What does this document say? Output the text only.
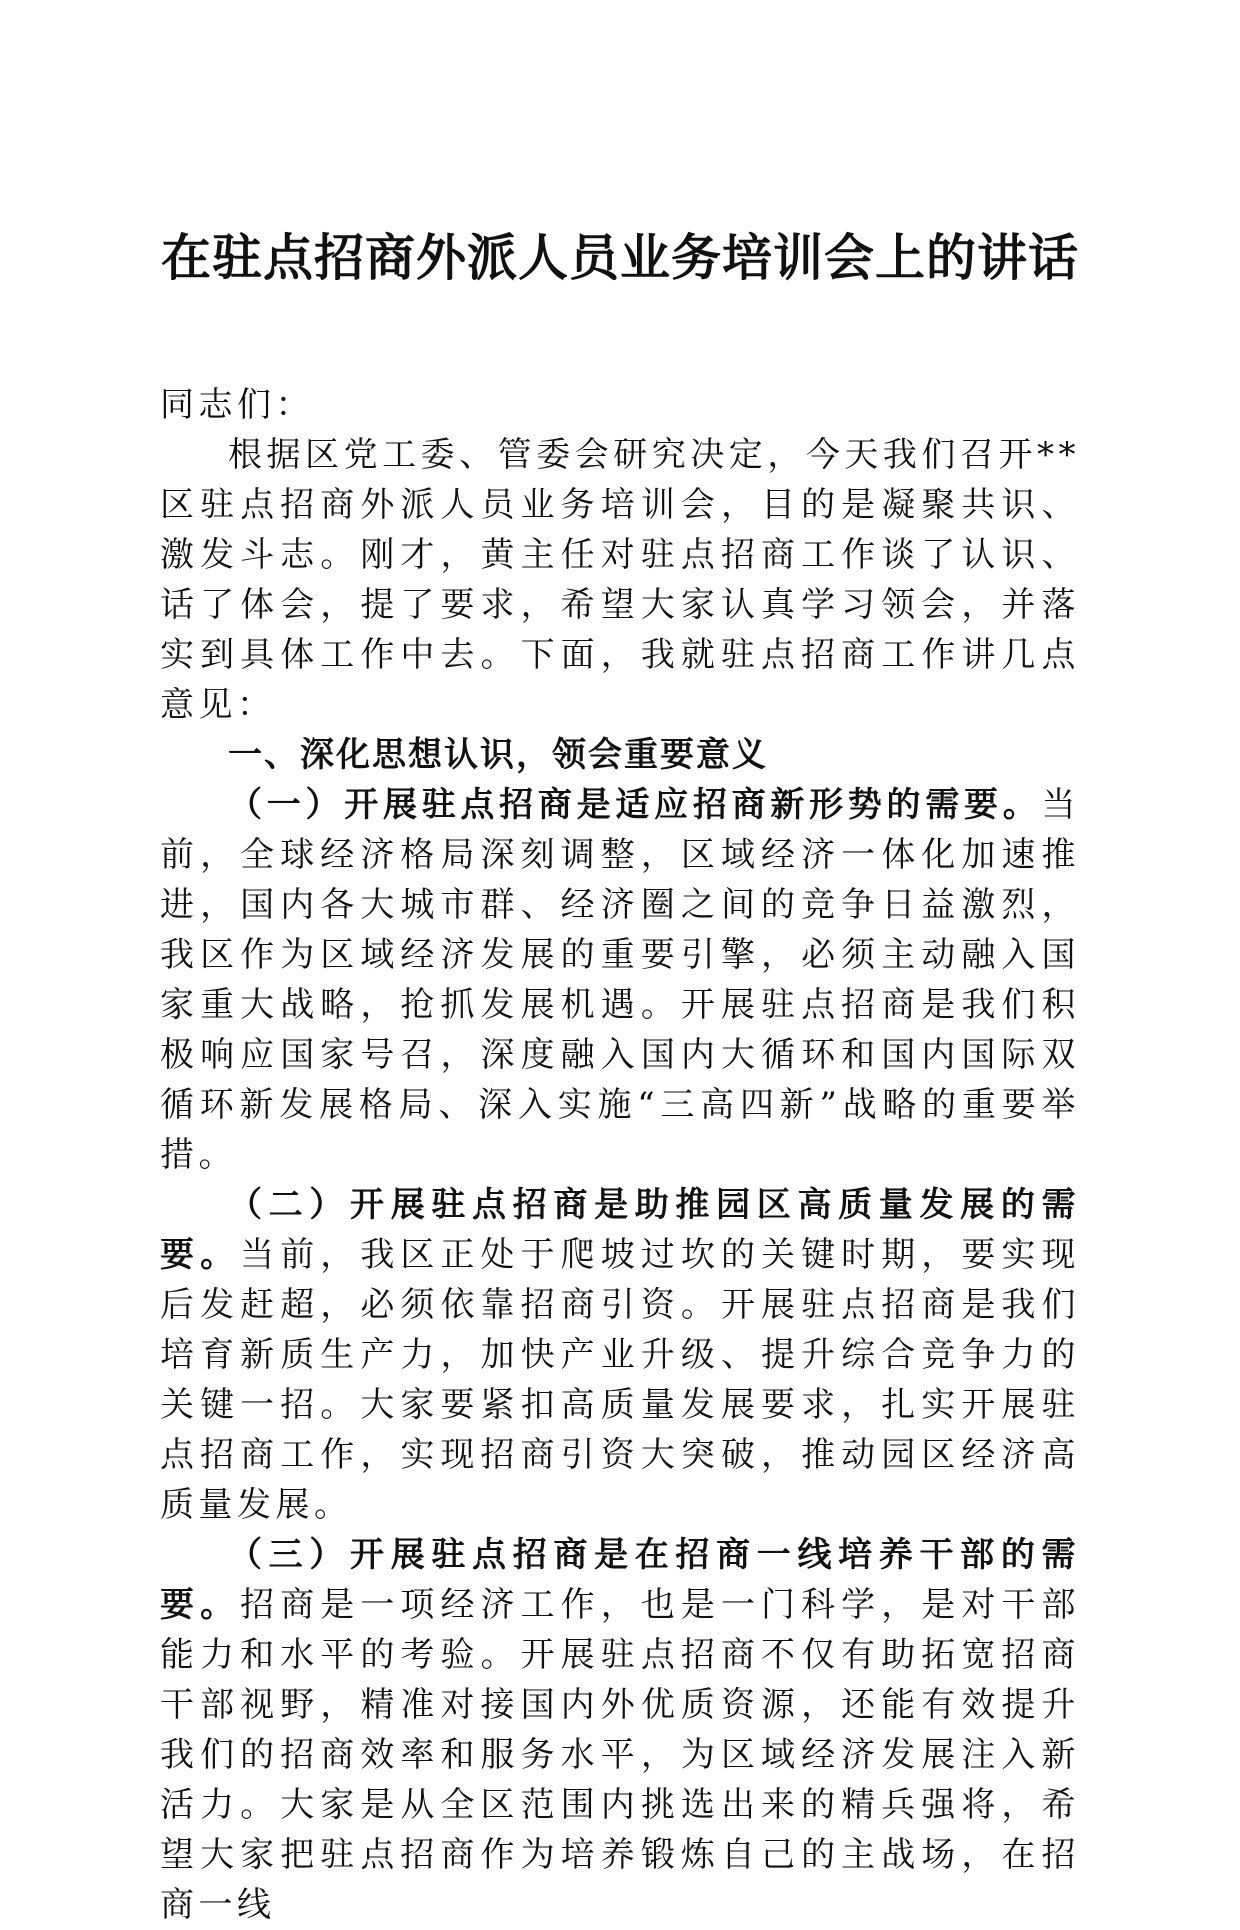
在驻点招商外派人员业务培训会上的讲话

同志们：

根据区党工委、管委会研究决定，今天我们召开**区驻点招商外派人员业务培训会，目的是凝聚共识、激发斗志。刚才，黄主任对驻点招商工作谈了认识、话了体会，提了要求，希望大家认真学习领会，并落实到具体工作中去。下面，我就驻点招商工作讲几点意见：

一、深化思想认识，领会重要意义

（一）开展驻点招商是适应招商新形势的需要。当前，全球经济格局深刻调整，区域经济一体化加速推进，国内各大城市群、经济圈之间的竞争日益激烈，我区作为区域经济发展的重要引擎，必须主动融入国家重大战略，抢抓发展机遇。开展驻点招商是我们积极响应国家号召，深度融入国内大循环和国内国际双循环新发展格局、深入实施“三高四新”战略的重要举措。

（二）开展驻点招商是助推园区高质量发展的需要。当前，我区正处于爬坡过坎的关键时期，要实现后发赶超，必须依靠招商引资。开展驻点招商是我们培育新质生产力，加快产业升级、提升综合竞争力的关键一招。大家要紧扣高质量发展要求，扎实开展驻点招商工作，实现招商引资大突破，推动园区经济高质量发展。

（三）开展驻点招商是在招商一线培养干部的需要。招商是一项经济工作，也是一门科学，是对干部能力和水平的考验。开展驻点招商不仅有助拓宽招商干部视野，精准对接国内外优质资源，还能有效提升我们的招商效率和服务水平，为区域经济发展注入新活力。大家是从全区范围内挑选出来的精兵强将，希望大家把驻点招商作为培养锻炼自己的主战场，在招商一线
